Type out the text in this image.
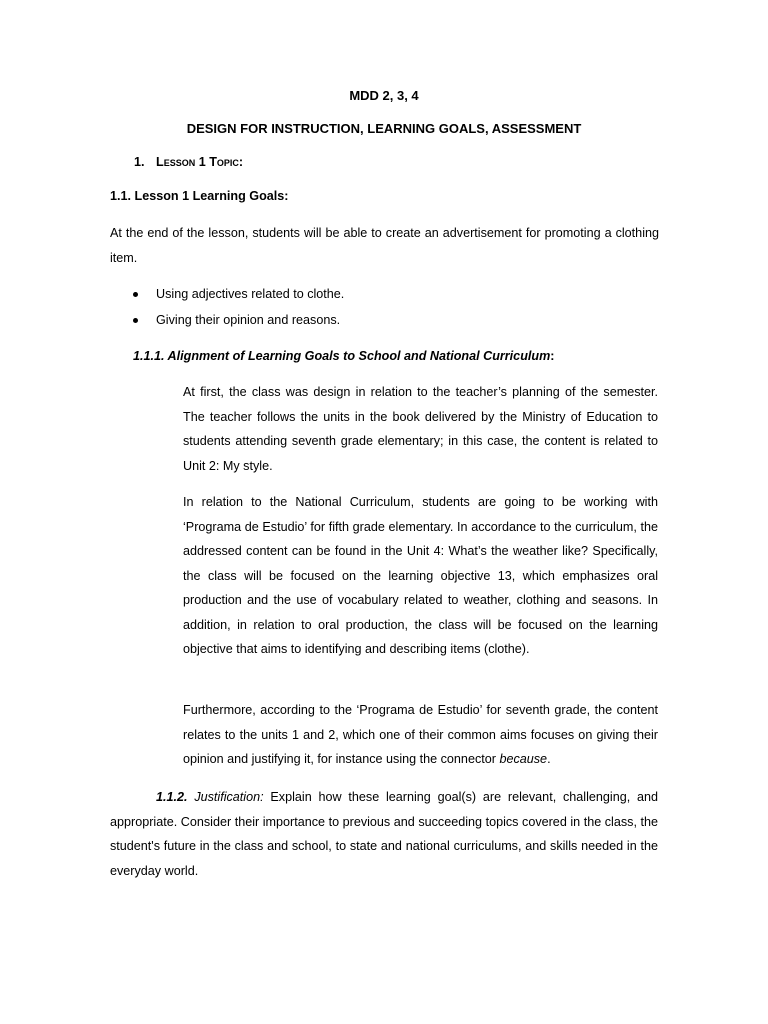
MDD 2, 3, 4
DESIGN FOR INSTRUCTION, LEARNING GOALS, ASSESSMENT
1. Lesson 1 Topic:
1.1. Lesson 1 Learning Goals:
At the end of the lesson, students will be able to create an advertisement for promoting a clothing item.
Using adjectives related to clothe.
Giving their opinion and reasons.
1.1.1. Alignment of Learning Goals to School and National Curriculum:
At first, the class was design in relation to the teacher’s planning of the semester. The teacher follows the units in the book delivered by the Ministry of Education to students attending seventh grade elementary; in this case, the content is related to Unit 2: My style.
In relation to the National Curriculum, students are going to be working with ‘Programa de Estudio’ for fifth grade elementary. In accordance to the curriculum, the addressed content can be found in the Unit 4: What’s the weather like? Specifically, the class will be focused on the learning objective 13, which emphasizes oral production and the use of vocabulary related to weather, clothing and seasons. In addition, in relation to oral production, the class will be focused on the learning objective that aims to identifying and describing items (clothe).
Furthermore, according to the ‘Programa de Estudio’ for seventh grade, the content relates to the units 1 and 2, which one of their common aims focuses on giving their opinion and justifying it, for instance using the connector because.
1.1.2. Justification: Explain how these learning goal(s) are relevant, challenging, and appropriate. Consider their importance to previous and succeeding topics covered in the class, the student's future in the class and school, to state and national curriculums, and skills needed in the everyday world.
